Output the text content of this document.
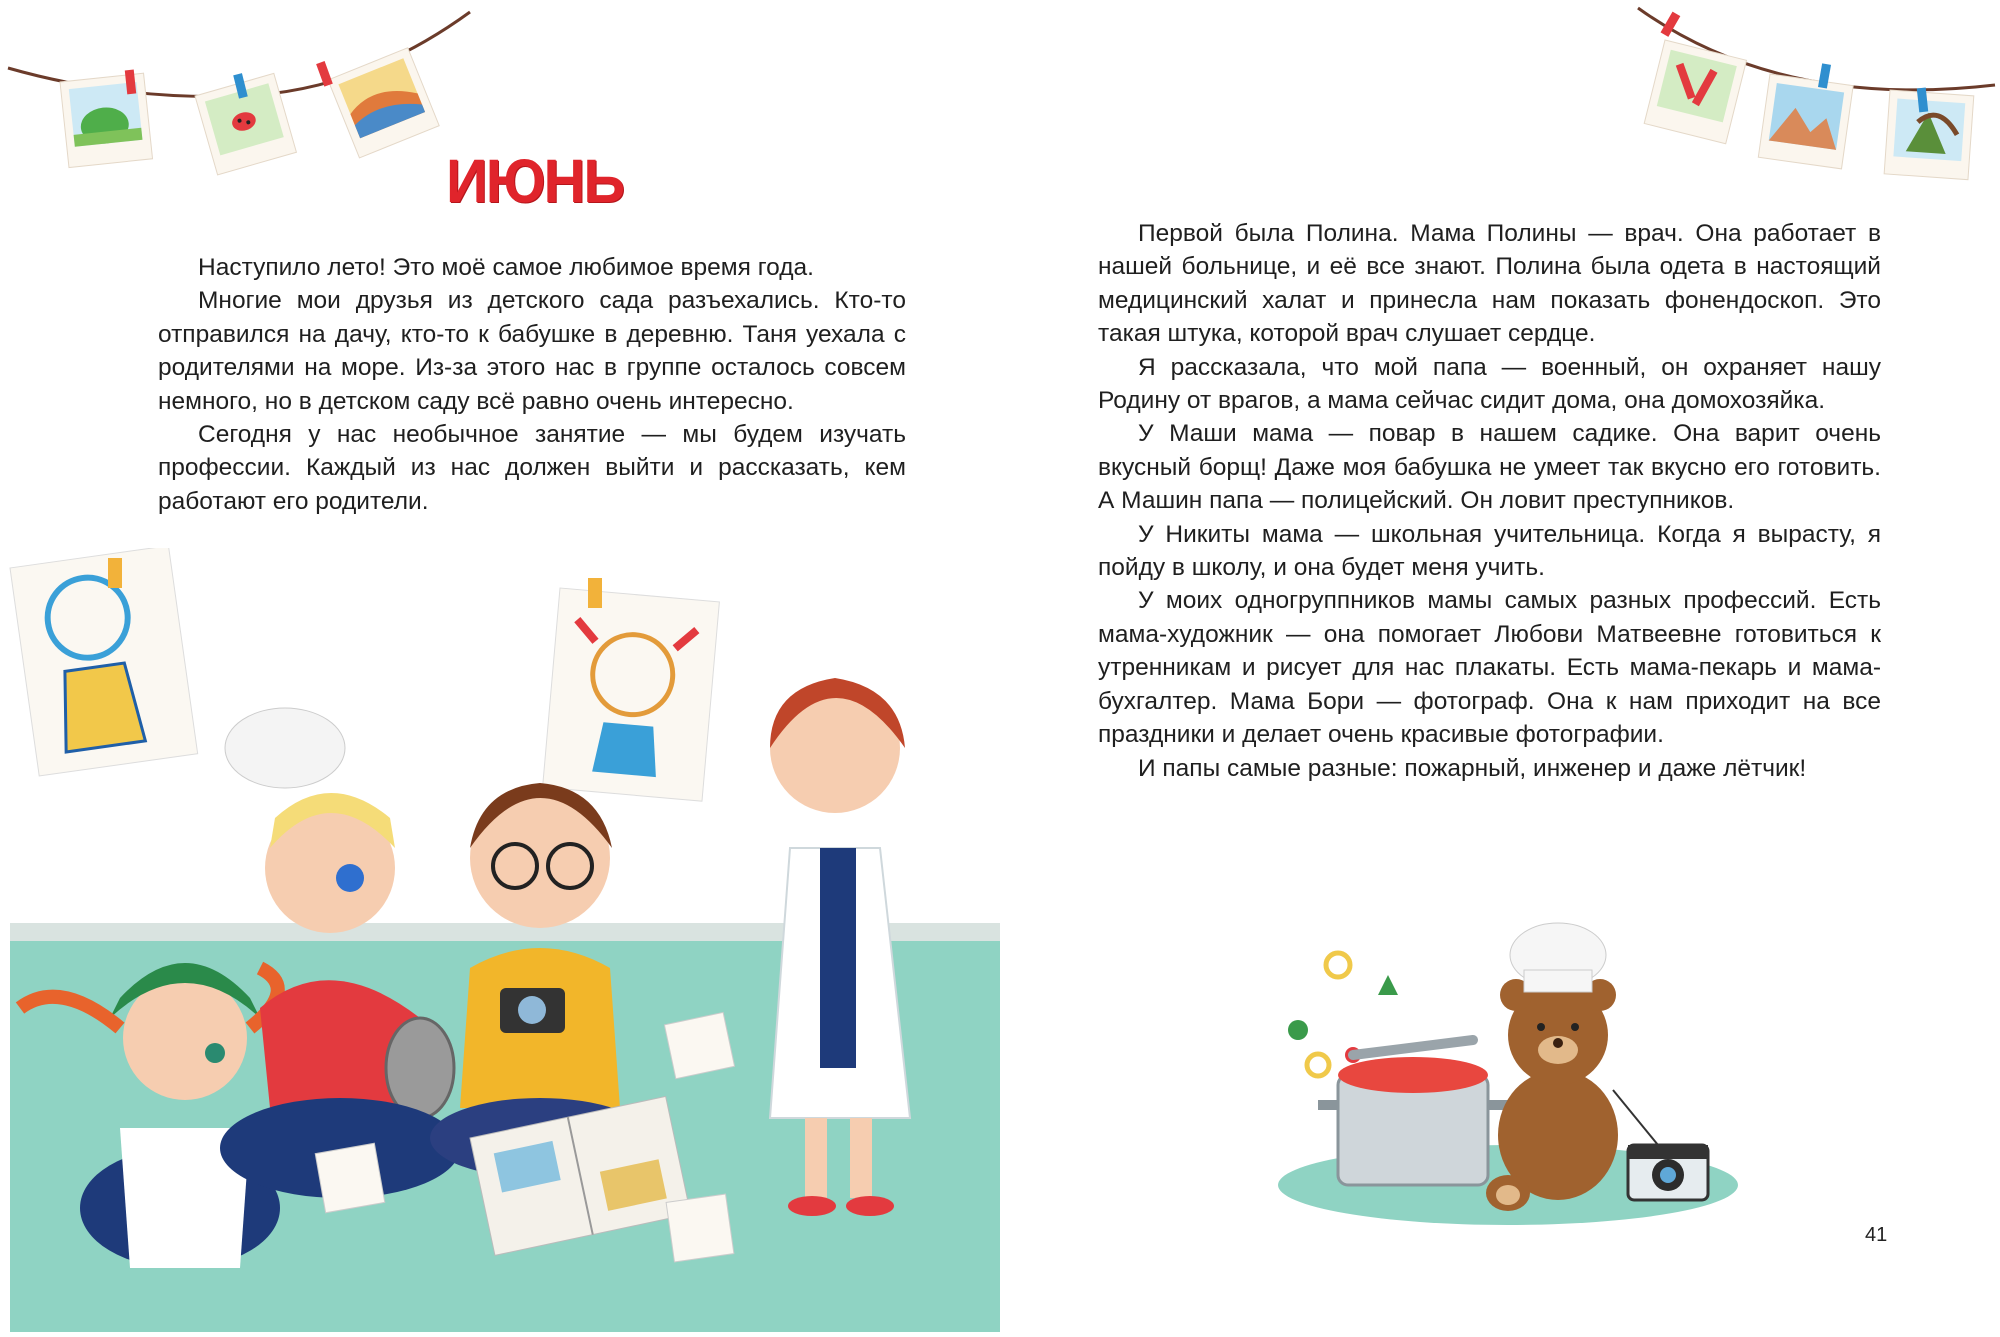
ИЮНЬ

Наступило лето! Это моё самое любимое время года.

Многие мои друзья из детского сада разъехались. Кто-то отправился на дачу, кто-то к бабушке в деревню. Таня уехала с родителями на море. Из-за этого нас в группе осталось совсем немного, но в детском саду всё равно очень интересно.

Сегодня у нас необычное занятие — мы будем изучать профессии. Каждый из нас должен выйти и рассказать, кем работают его родители.

Первой была Полина. Мама Полины — врач. Она работает в нашей больнице, и её все знают. Полина была одета в настоящий медицинский халат и принесла нам показать фонендоскоп. Это такая штука, которой врач слушает сердце.

Я рассказала, что мой папа — военный, он охраняет нашу Родину от врагов, а мама сейчас сидит дома, она домохозяйка.

У Маши мама — повар в нашем садике. Она варит очень вкусный борщ! Даже моя бабушка не умеет так вкусно его готовить. А Машин папа — полицейский. Он ловит преступников.

У Никиты мама — школьная учительница. Когда я вырасту, я пойду в школу, и она будет меня учить.

У моих одногруппников мамы самых разных профессий. Есть мама-художник — она помогает Любови Матвеевне готовиться к утренникам и рисует для нас плакаты. Есть мама-пекарь и мама-бухгалтер. Мама Бори — фотограф. Она к нам приходит на все праздники и делает очень красивые фотографии.

И папы самые разные: пожарный, инженер и даже лётчик!

41
